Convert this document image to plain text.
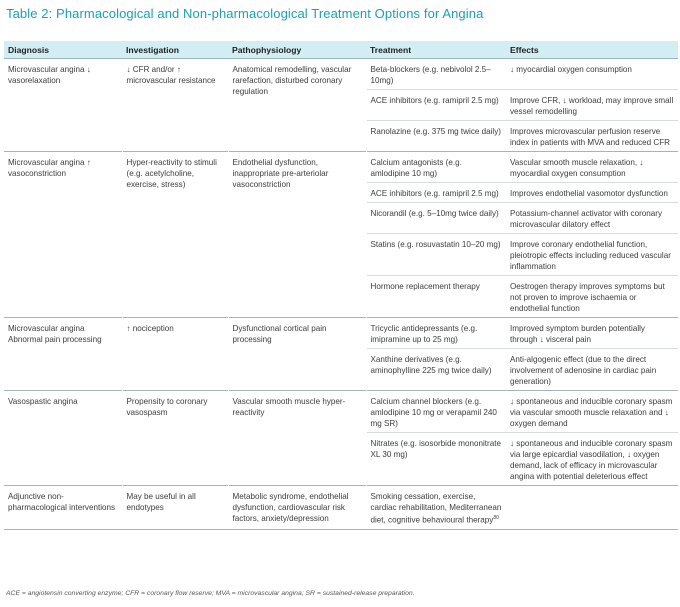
Table 2: Pharmacological and Non-pharmacological Treatment Options for Angina
Diagnosis	Investigation	Pathophysiology	Treatment	Effects
Microvascular angina ↓ vasorelaxation	↓ CFR and/or ↑ microvascular resistance	Anatomical remodelling, vascular rarefaction, disturbed coronary regulation	Beta-blockers (e.g. nebivolol 2.5–10mg)	↓ myocardial oxygen consumption
			ACE inhibitors (e.g. ramipril 2.5 mg)	Improve CFR, ↓ workload, may improve small vessel remodelling
			Ranolazine (e.g. 375 mg twice daily)	Improves microvascular perfusion reserve index in patients with MVA and reduced CFR
Microvascular angina ↑ vasoconstriction	Hyper-reactivity to stimuli (e.g. acetylcholine, exercise, stress)	Endothelial dysfunction, inappropriate pre-arteriolar vasoconstriction	Calcium antagonists (e.g. amlodipine 10 mg)	Vascular smooth muscle relaxation, ↓ myocardial oxygen consumption
			ACE inhibitors (e.g. ramipril 2.5 mg)	Improves endothelial vasomotor dysfunction
			Nicorandil (e.g. 5–10mg twice daily)	Potassium-channel activator with coronary microvascular dilatory effect
			Statins (e.g. rosuvastatin 10–20 mg)	Improve coronary endothelial function, pleiotropic effects including reduced vascular inflammation
			Hormone replacement therapy	Oestrogen therapy improves symptoms but not proven to improve ischaemia or endothelial function
Microvascular angina Abnormal pain processing	↑ nociception	Dysfunctional cortical pain processing	Tricyclic antidepressants (e.g. imipramine up to 25 mg)	Improved symptom burden potentially through ↓ visceral pain
			Xanthine derivatives (e.g. aminophylline 225 mg twice daily)	Anti-algogenic effect (due to the direct involvement of adenosine in cardiac pain generation)
Vasospastic angina	Propensity to coronary vasospasm	Vascular smooth muscle hyper-reactivity	Calcium channel blockers (e.g. amlodipine 10 mg or verapamil 240 mg SR)	↓ spontaneous and inducible coronary spasm via vascular smooth muscle relaxation and ↓ oxygen demand
			Nitrates (e.g. isosorbide mononitrate XL 30 mg)	↓ spontaneous and inducible coronary spasm via large epicardial vasodilation, ↓ oxygen demand, lack of efficacy in microvascular angina with potential deleterious effect
Adjunctive non-pharmacological interventions	May be useful in all endotypes	Metabolic syndrome, endothelial dysfunction, cardiovascular risk factors, anxiety/depression	Smoking cessation, exercise, cardiac rehabilitation, Mediterranean diet, cognitive behavioural therapy$^{80}$	
ACE = angiotensin converting enzyme; CFR = coronary flow reserve; MVA = microvascular angina; SR = sustained-release preparation.
